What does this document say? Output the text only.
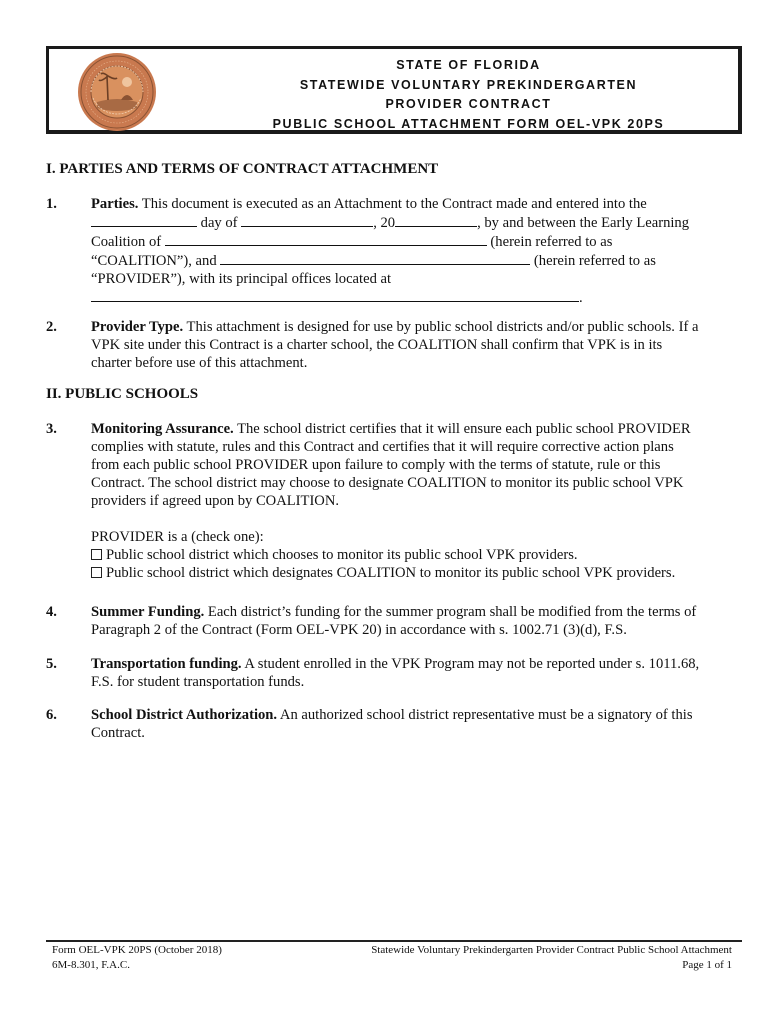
STATE OF FLORIDA
STATEWIDE VOLUNTARY PREKINDERGARTEN
PROVIDER CONTRACT
PUBLIC SCHOOL ATTACHMENT FORM OEL-VPK 20PS
I. PARTIES AND TERMS OF CONTRACT ATTACHMENT
1. Parties. This document is executed as an Attachment to the Contract made and entered into the
day of	, 20	, by and between the Early Learning
Coalition of	(herein referred to as
“COALITION”), and	(herein referred to as
“PROVIDER”), with its principal offices located at
.
2. Provider Type. This attachment is designed for use by public school districts and/or public schools. If a
VPK site under this Contract is a charter school, the COALITION shall confirm that VPK is in its
charter before use of this attachment.
II. PUBLIC SCHOOLS
3. Monitoring Assurance. The school district certifies that it will ensure each public school PROVIDER
complies with statute, rules and this Contract and certifies that it will require corrective action plans
from each public school PROVIDER upon failure to comply with the terms of statute, rule or this
Contract. The school district may choose to designate COALITION to monitor its public school VPK
providers if agreed upon by COALITION.
PROVIDER is a (check one):
Public school district which chooses to monitor its public school VPK providers.
Public school district which designates COALITION to monitor its public school VPK providers.
4. Summer Funding. Each district’s funding for the summer program shall be modified from the terms of
Paragraph 2 of the Contract (Form OEL-VPK 20) in accordance with s. 1002.71 (3)(d), F.S.
5. Transportation funding. A student enrolled in the VPK Program may not be reported under s. 1011.68,
F.S. for student transportation funds.
6. School District Authorization. An authorized school district representative must be a signatory of this
Contract.
Form OEL-VPK 20PS (October 2018)
6M-8.301, F.A.C.
Statewide Voluntary Prekindergarten Provider Contract Public School Attachment
Page 1 of 1
